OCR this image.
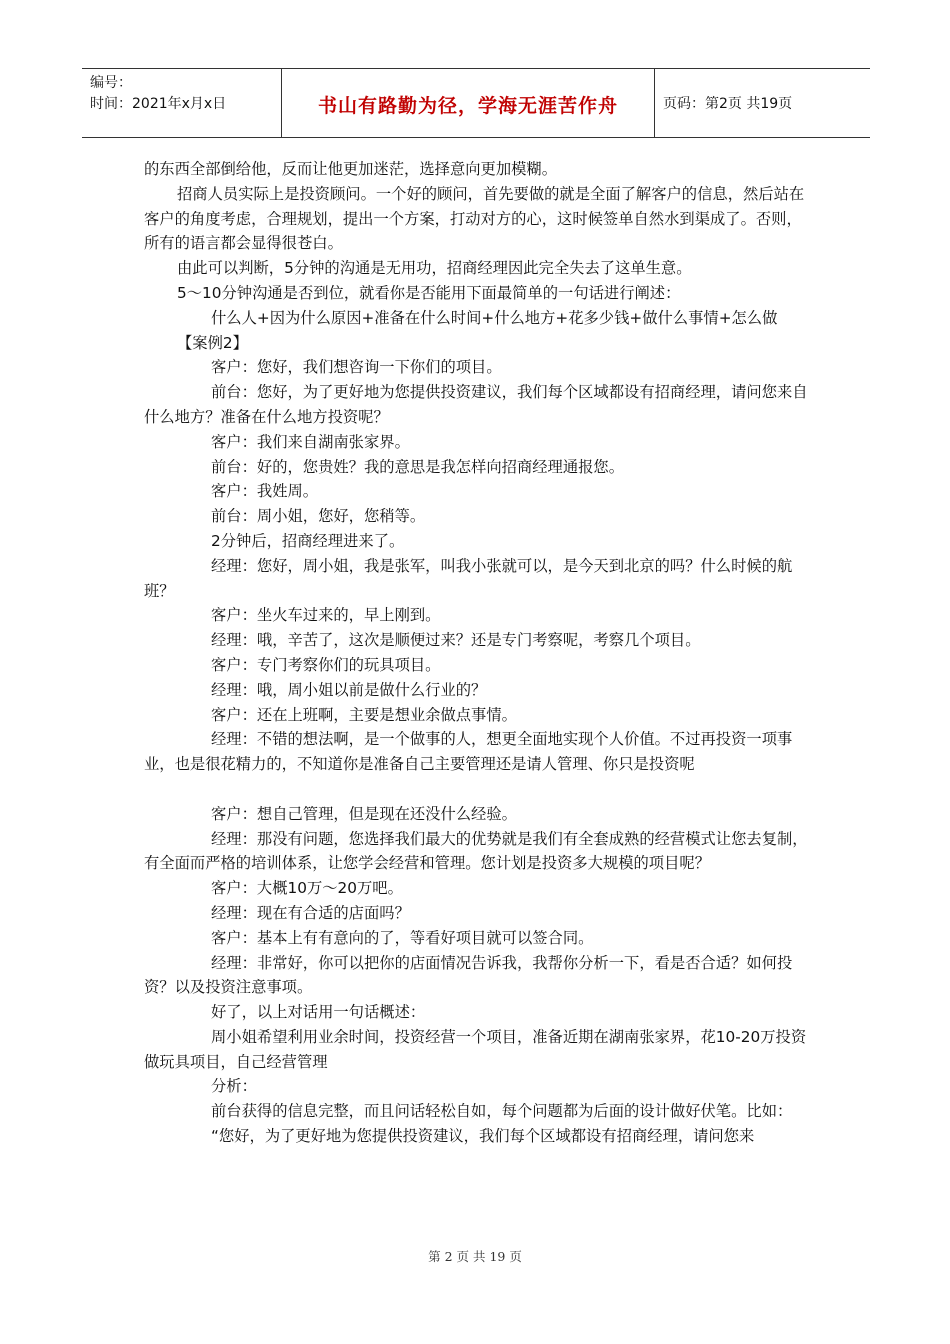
编号：
时间：2021年x月x日	书山有路勤为径，学海无涯苦作舟	页码：第2页 共19页

的东西全部倒给他，反而让他更加迷茫，选择意向更加模糊。

招商人员实际上是投资顾问。一个好的顾问，首先要做的就是全面了解客户的信息，然后站在客户的角度考虑，合理规划，提出一个方案，打动对方的心，这时候签单自然水到渠成了。否则，所有的语言都会显得很苍白。

由此可以判断，5分钟的沟通是无用功，招商经理因此完全失去了这单生意。

5～10分钟沟通是否到位，就看你是否能用下面最简单的一句话进行阐述：

什么人+因为什么原因+准备在什么时间+什么地方+花多少钱+做什么事情+怎么做

【案例2】

客户：您好，我们想咨询一下你们的项目。

前台：您好，为了更好地为您提供投资建议，我们每个区域都设有招商经理，请问您来自什么地方？准备在什么地方投资呢？

客户：我们来自湖南张家界。

前台：好的，您贵姓？我的意思是我怎样向招商经理通报您。

客户：我姓周。

前台：周小姐，您好，您稍等。

2分钟后，招商经理进来了。

经理：您好，周小姐，我是张军，叫我小张就可以，是今天到北京的吗？什么时候的航班？

客户：坐火车过来的，早上刚到。

经理：哦，辛苦了，这次是顺便过来？还是专门考察呢，考察几个项目。

客户：专门考察你们的玩具项目。

经理：哦，周小姐以前是做什么行业的？

客户：还在上班啊，主要是想业余做点事情。

经理：不错的想法啊，是一个做事的人，想更全面地实现个人价值。不过再投资一项事业，也是很花精力的，不知道你是准备自己主要管理还是请人管理、你只是投资呢

客户：想自己管理，但是现在还没什么经验。

经理：那没有问题，您选择我们最大的优势就是我们有全套成熟的经营模式让您去复制，有全面而严格的培训体系，让您学会经营和管理。您计划是投资多大规模的项目呢？

客户：大概10万～20万吧。

经理：现在有合适的店面吗？

客户：基本上有有意向的了，等看好项目就可以签合同。

经理：非常好，你可以把你的店面情况告诉我，我帮你分析一下，看是否合适？如何投资？以及投资注意事项。

好了，以上对话用一句话概述：

周小姐希望利用业余时间，投资经营一个项目，准备近期在湖南张家界，花10-20万投资做玩具项目，自己经营管理

分析：

前台获得的信息完整，而且问话轻松自如，每个问题都为后面的设计做好伏笔。比如：

“您好，为了更好地为您提供投资建议，我们每个区域都设有招商经理，请问您来

第 2 页 共 19 页
